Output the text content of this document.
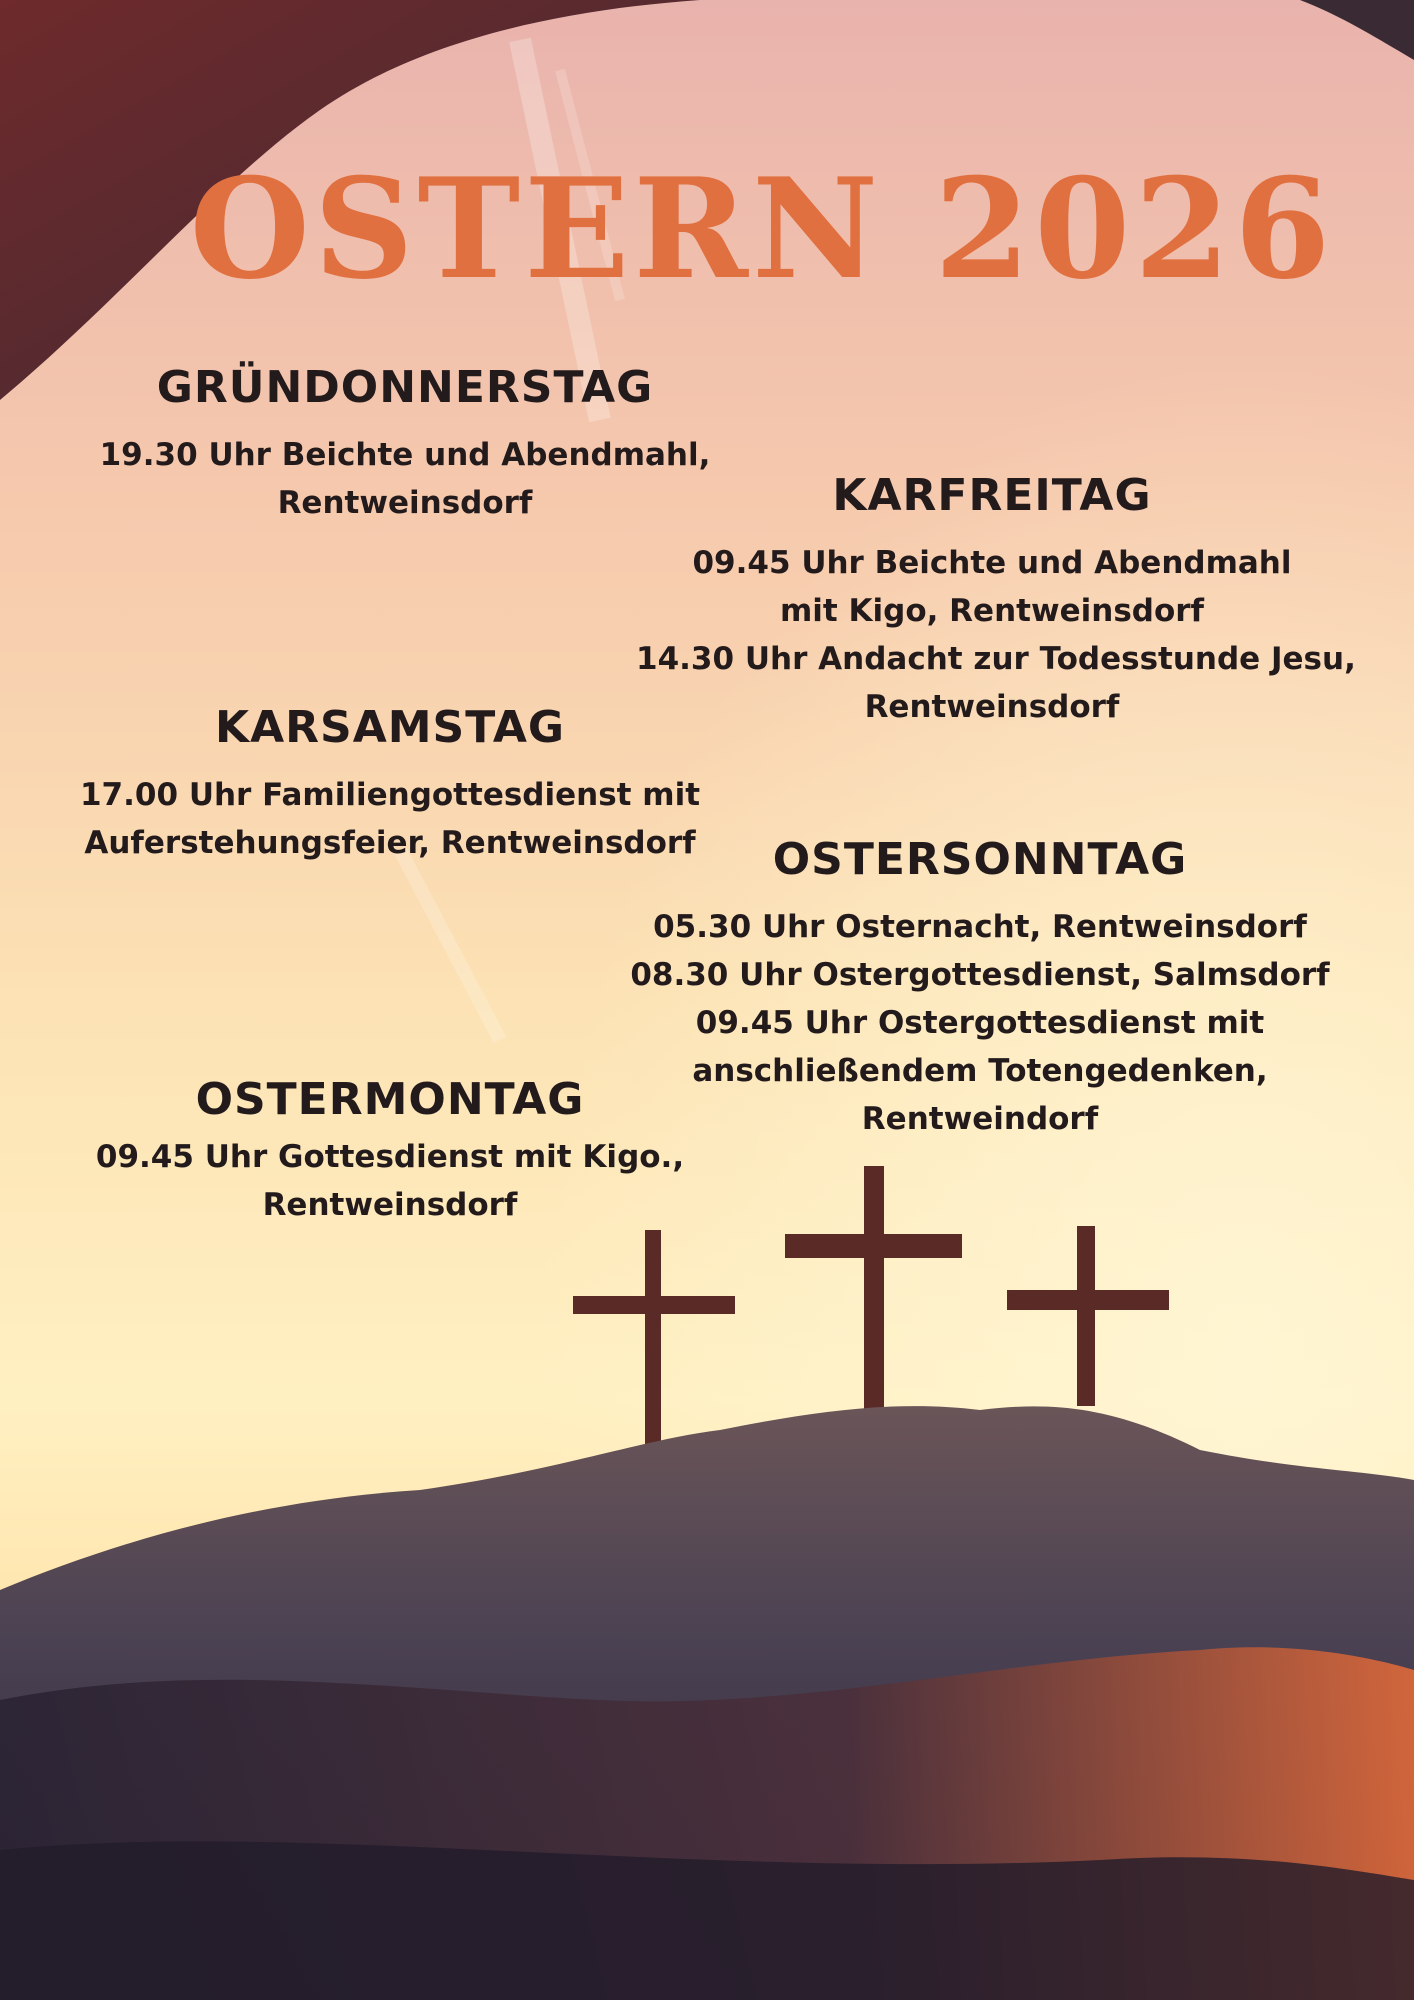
OSTERN 2026
GRÜNDONNERSTAG
19.30 Uhr Beichte und Abendmahl,
Rentweinsdorf	KARFREITAG
09.45 Uhr Beichte und Abendmahl
mit Kigo, Rentweinsdorf
14.30 Uhr Andacht zur Todesstunde Jesu,
Rentweinsdorf
KARSAMSTAG
17.00 Uhr Familiengottesdienst mit
Auferstehungsfeier, Rentweinsdorf	OSTERSONNTAG
05.30 Uhr Osternacht, Rentweinsdorf
08.30 Uhr Ostergottesdienst, Salmsdorf
09.45 Uhr Ostergottesdienst mit
anschließendem Totengedenken,
Rentweindorf
OSTERMONTAG
09.45 Uhr Gottesdienst mit Kigo.,
Rentweinsdorf
